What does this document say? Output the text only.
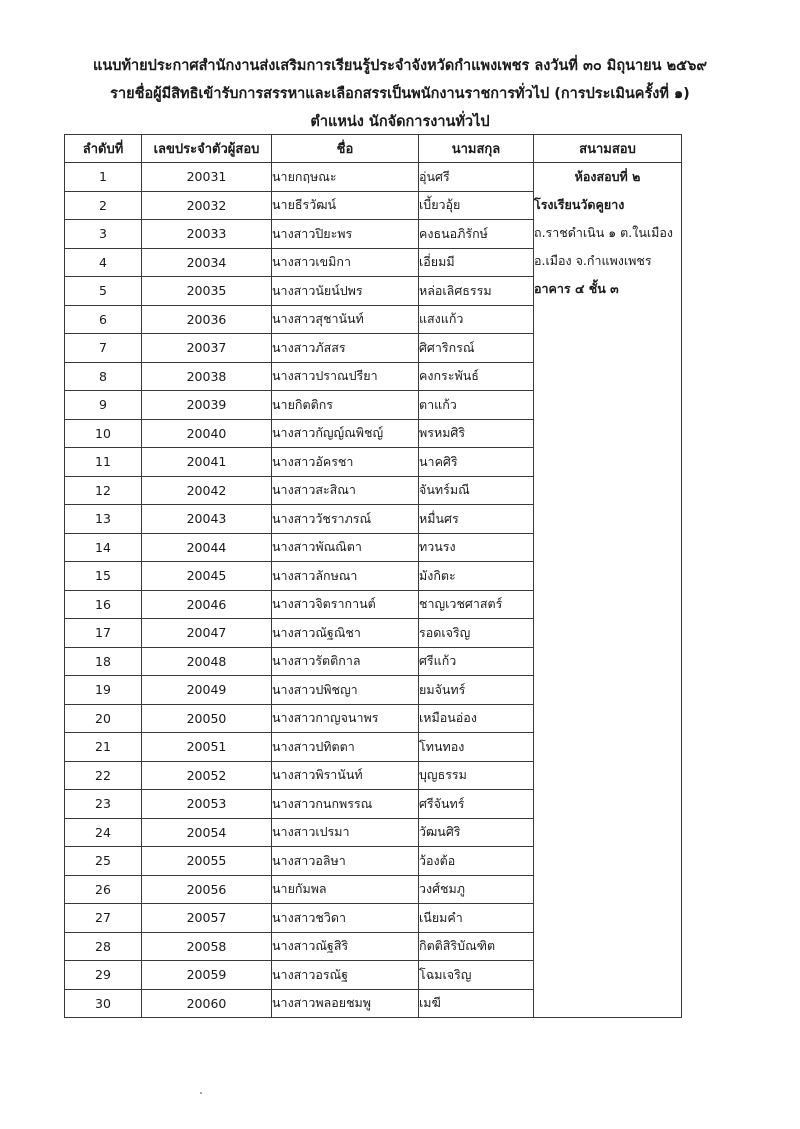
แนบท้ายประกาศสำนักงานส่งเสริมการเรียนรู้ประจำจังหวัดกำแพงเพชร ลงวันที่ ๓๐ มิถุนายน ๒๕๖๙
รายชื่อผู้มีสิทธิเข้ารับการสรรหาและเลือกสรรเป็นพนักงานราชการทั่วไป (การประเมินครั้งที่ ๑)
ตำแหน่ง นักจัดการงานทั่วไป
ลำดับที่	เลขประจำตัวผู้สอบ	ชื่อ	นามสกุล	สนามสอบ
1	20031	นายกฤษณะ	อุ่นศรี	ห้องสอบที่ ๒
โรงเรียนวัดคูยาง
ถ.ราชดำเนิน ๑ ต.ในเมือง
อ.เมือง จ.กำแพงเพชร
อาคาร ๔ ชั้น ๓

2	20032	นายธีรวัฒน์	เบี้ยวอุ้ย	
3	20033	นางสาวปิยะพร	คงธนอภิรักษ์	
4	20034	นางสาวเขมิกา	เอี่ยมมี	
5	20035	นางสาวนัยน์ปพร	หล่อเลิศธรรม	
6	20036	นางสาวสุชานันท์	แสงแก้ว	
7	20037	นางสาวภัสสร	ศิศาริกรณ์	
8	20038	นางสาวปราณปรียา	คงกระพันธ์	
9	20039	นายกิตติกร	ตาแก้ว	
10	20040	นางสาวกัญญ์ณพิชญ์	พรหมศิริ	
11	20041	นางสาวอัครชา	นาคศิริ	
12	20042	นางสาวสะสิณา	จันทร์มณี	
13	20043	นางสาววัชราภรณ์	หมื่นศร	
14	20044	นางสาวพัณณิตา	ทวนรง	
15	20045	นางสาวลักษณา	มังกิตะ	
16	20046	นางสาวจิตรากานต์	ชาญเวชศาสตร์	
17	20047	นางสาวณัฐณิชา	รอดเจริญ	
18	20048	นางสาวรัตติกาล	ศรีแก้ว	
19	20049	นางสาวปพิชญา	ยมจันทร์	
20	20050	นางสาวกาญจนาพร	เหมือนอ่อง	
21	20051	นางสาวปทิตตา	โทนทอง	
22	20052	นางสาวพิรานันท์	บุญธรรม	
23	20053	นางสาวกนกพรรณ	ศรีจันทร์	
24	20054	นางสาวเปรมา	วัฒนศิริ	
25	20055	นางสาวอลิษา	ว้องต้อ	
26	20056	นายกัมพล	วงศ์ชมภู	
27	20057	นางสาวชวิดา	เนียมคำ	
28	20058	นางสาวณัฐสิริ	กิตติสิริบัณฑิต	
29	20059	นางสาวอรณัฐ	โฉมเจริญ	
30	20060	นางสาวพลอยชมพู	เมฆี	
